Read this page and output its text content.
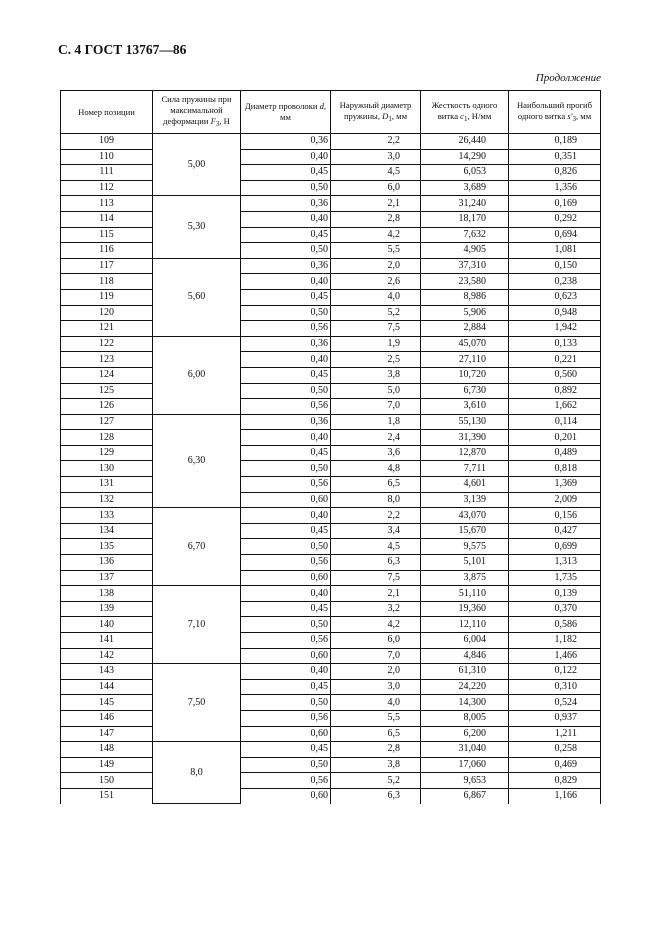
С. 4 ГОСТ 13767—86
Продолжение
Номер позиции	Сила пружины при максимальной деформации $F_3$, Н	Диаметр проволоки d, мм	Наружный диаметр пружины, $D_1$, мм	Жесткость одного витка $c_1$, Н/мм	Наибольший прогиб одного витка $s'_3$, мм
109	5,00	0,36	2,2	26,440	0,189
110		0,40	3,0	14,290	0,351
111		0,45	4,5	6,053	0,826
112		0,50	6,0	3,689	1,356
113	5,30	0,36	2,1	31,240	0,169
114		0,40	2,8	18,170	0,292
115		0,45	4,2	7,632	0,694
116		0,50	5,5	4,905	1,081
117	5,60	0,36	2,0	37,310	0,150
118		0,40	2,6	23,580	0,238
119		0,45	4,0	8,986	0,623
120		0,50	5,2	5,906	0,948
121		0,56	7,5	2,884	1,942
122	6,00	0,36	1,9	45,070	0,133
123		0,40	2,5	27,110	0,221
124		0,45	3,8	10,720	0,560
125		0,50	5,0	6,730	0,892
126		0,56	7,0	3,610	1,662
127	6,30	0,36	1,8	55,130	0,114
128		0,40	2,4	31,390	0,201
129		0,45	3,6	12,870	0,489
130		0,50	4,8	7,711	0,818
131		0,56	6,5	4,601	1,369
132		0,60	8,0	3,139	2,009
133	6,70	0,40	2,2	43,070	0,156
134		0,45	3,4	15,670	0,427
135		0,50	4,5	9,575	0,699
136		0,56	6,3	5,101	1,313
137		0,60	7,5	3,875	1,735
138	7,10	0,40	2,1	51,110	0,139
139		0,45	3,2	19,360	0,370
140		0,50	4,2	12,110	0,586
141		0,56	6,0	6,004	1,182
142		0,60	7,0	4,846	1,466
143	7,50	0,40	2,0	61,310	0,122
144		0,45	3,0	24,220	0,310
145		0,50	4,0	14,300	0,524
146		0,56	5,5	8,005	0,937
147		0,60	6,5	6,200	1,211
148	8,0	0,45	2,8	31,040	0,258
149		0,50	3,8	17,060	0,469
150		0,56	5,2	9,653	0,829
151		0,60	6,3	6,867	1,166
